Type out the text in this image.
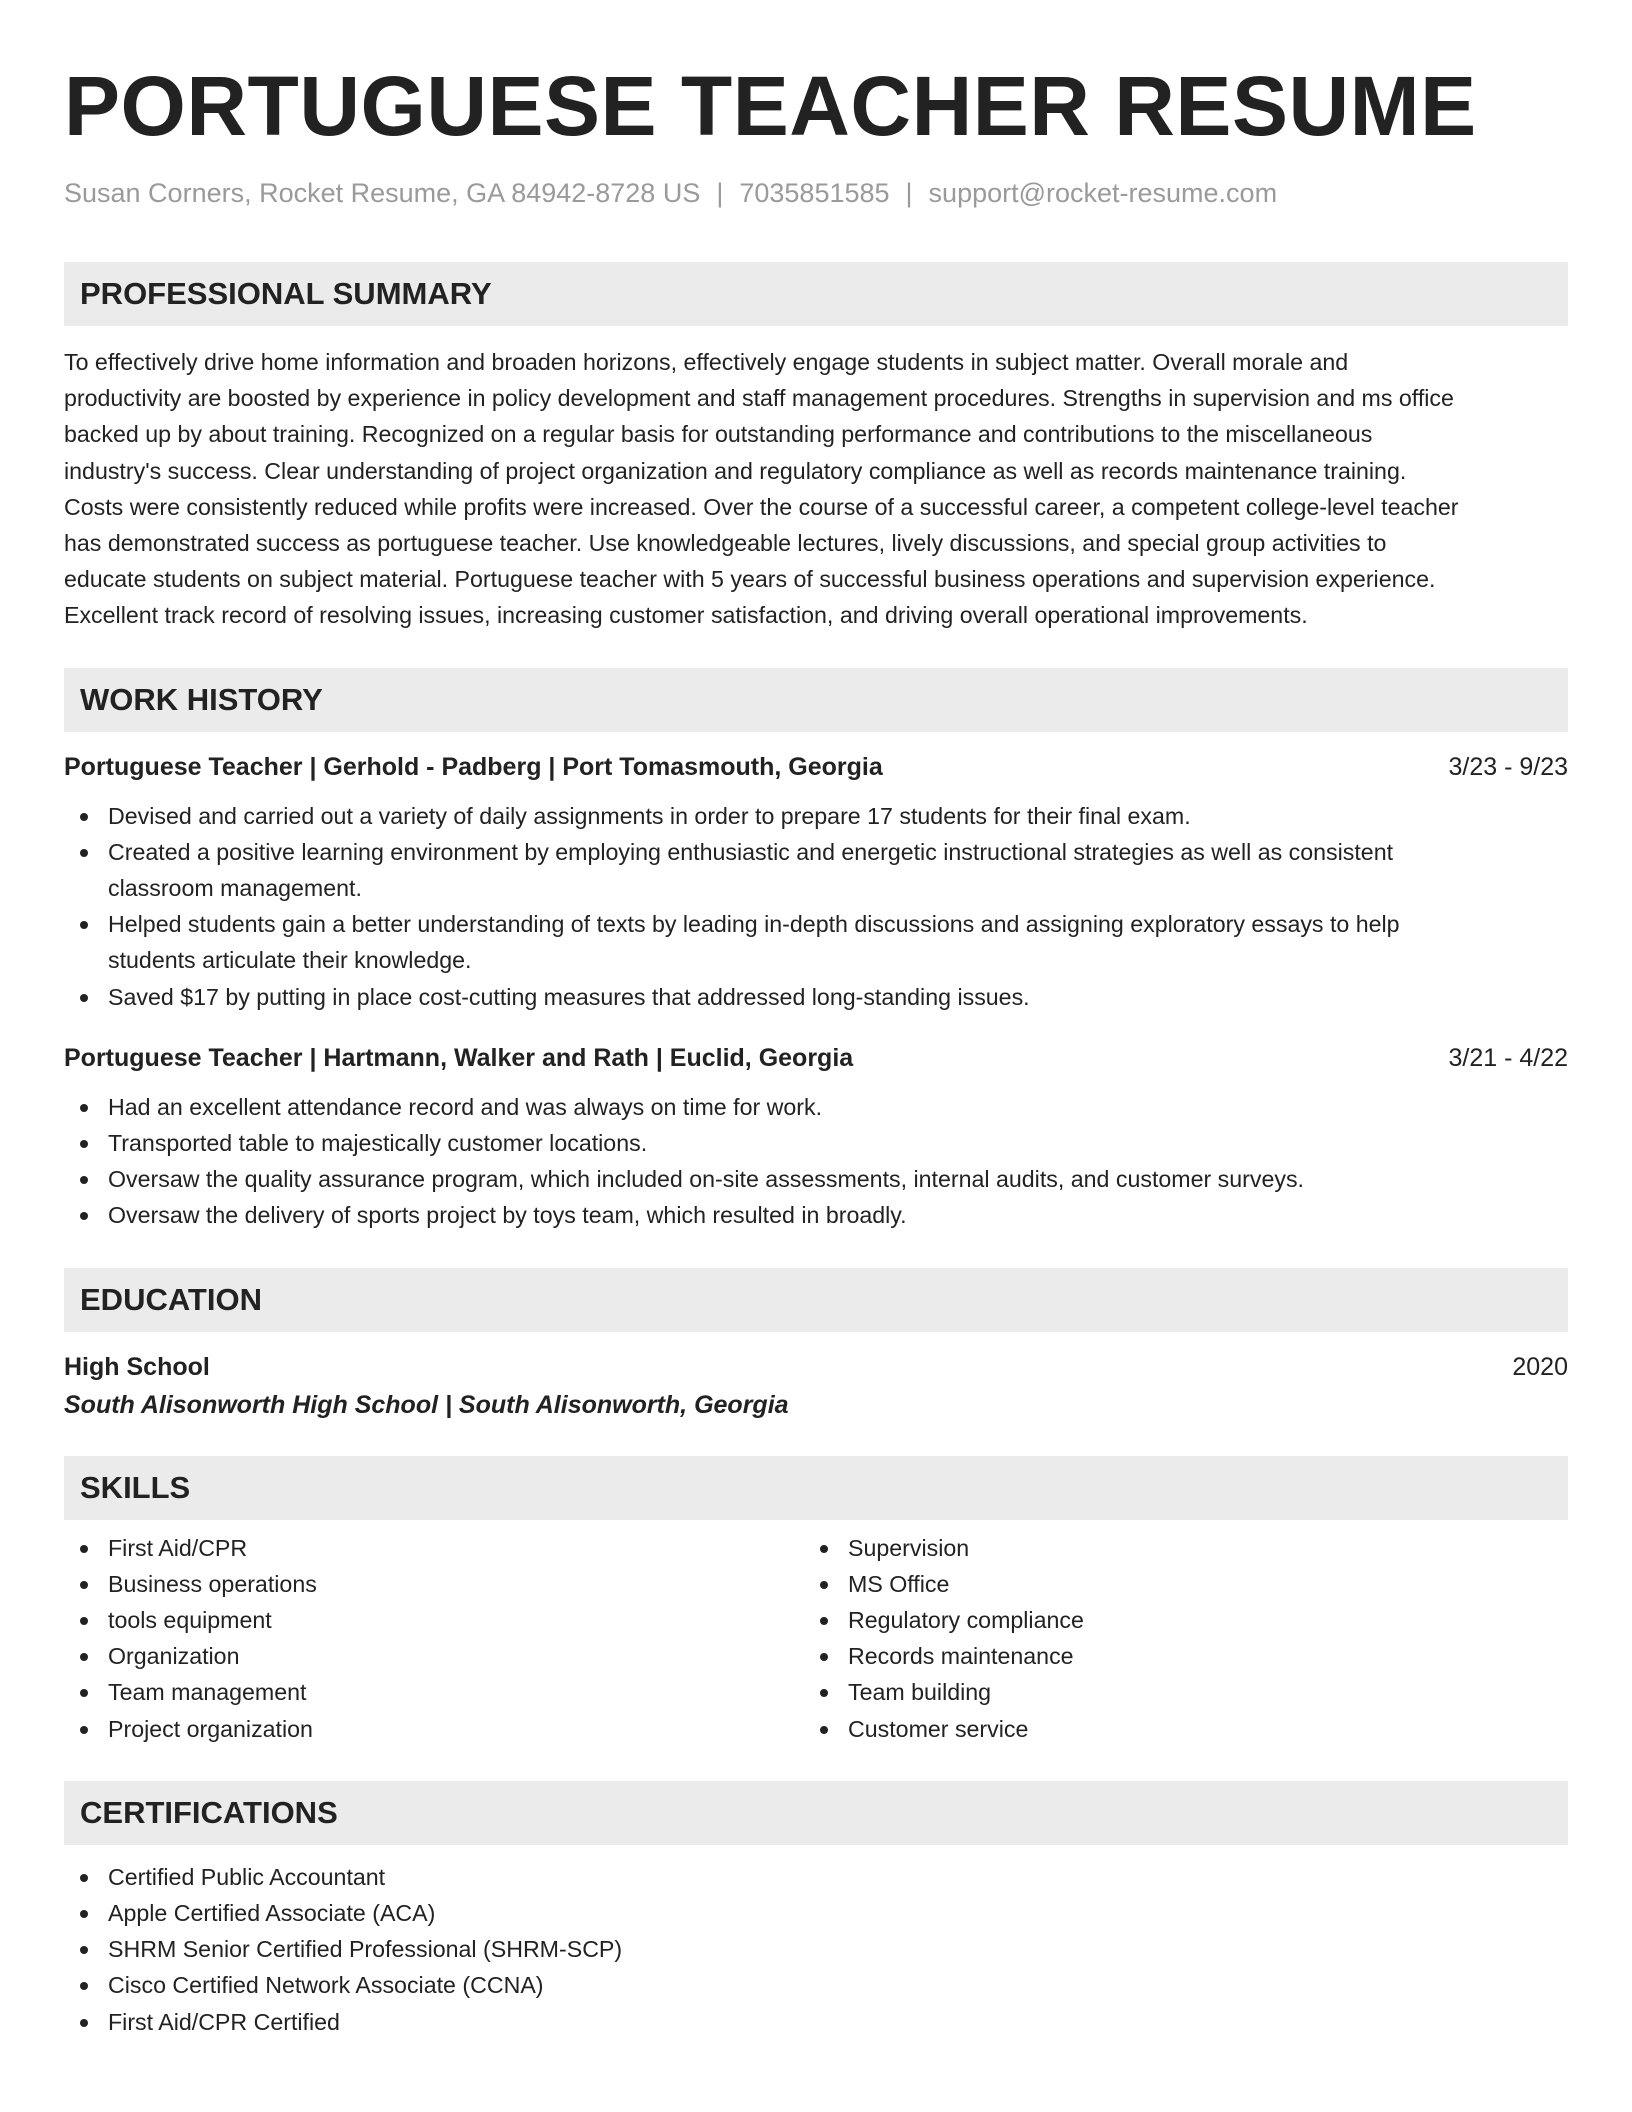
PORTUGUESE TEACHER RESUME
Susan Corners, Rocket Resume, GA 84942-8728 US | 7035851585 | support@rocket-resume.com
PROFESSIONAL SUMMARY
To effectively drive home information and broaden horizons, effectively engage students in subject matter. Overall morale and
productivity are boosted by experience in policy development and staff management procedures. Strengths in supervision and ms office
backed up by about training. Recognized on a regular basis for outstanding performance and contributions to the miscellaneous
industry's success. Clear understanding of project organization and regulatory compliance as well as records maintenance training.
Costs were consistently reduced while profits were increased. Over the course of a successful career, a competent college-level teacher
has demonstrated success as portuguese teacher. Use knowledgeable lectures, lively discussions, and special group activities to
educate students on subject material. Portuguese teacher with 5 years of successful business operations and supervision experience.
Excellent track record of resolving issues, increasing customer satisfaction, and driving overall operational improvements.
WORK HISTORY
Portuguese Teacher | Gerhold - Padberg | Port Tomasmouth, Georgia	3/23 - 9/23
Devised and carried out a variety of daily assignments in order to prepare 17 students for their final exam.
Created a positive learning environment by employing enthusiastic and energetic instructional strategies as well as consistent
classroom management.
Helped students gain a better understanding of texts by leading in-depth discussions and assigning exploratory essays to help
students articulate their knowledge.
Saved $17 by putting in place cost-cutting measures that addressed long-standing issues.
Portuguese Teacher | Hartmann, Walker and Rath | Euclid, Georgia	3/21 - 4/22
Had an excellent attendance record and was always on time for work.
Transported table to majestically customer locations.
Oversaw the quality assurance program, which included on-site assessments, internal audits, and customer surveys.
Oversaw the delivery of sports project by toys team, which resulted in broadly.
EDUCATION
High School	2020
South Alisonworth High School | South Alisonworth, Georgia
SKILLS
First Aid/CPR
Business operations
tools equipment
Organization
Team management
Project organization
Supervision
MS Office
Regulatory compliance
Records maintenance
Team building
Customer service
CERTIFICATIONS
Certified Public Accountant
Apple Certified Associate (ACA)
SHRM Senior Certified Professional (SHRM-SCP)
Cisco Certified Network Associate (CCNA)
First Aid/CPR Certified
